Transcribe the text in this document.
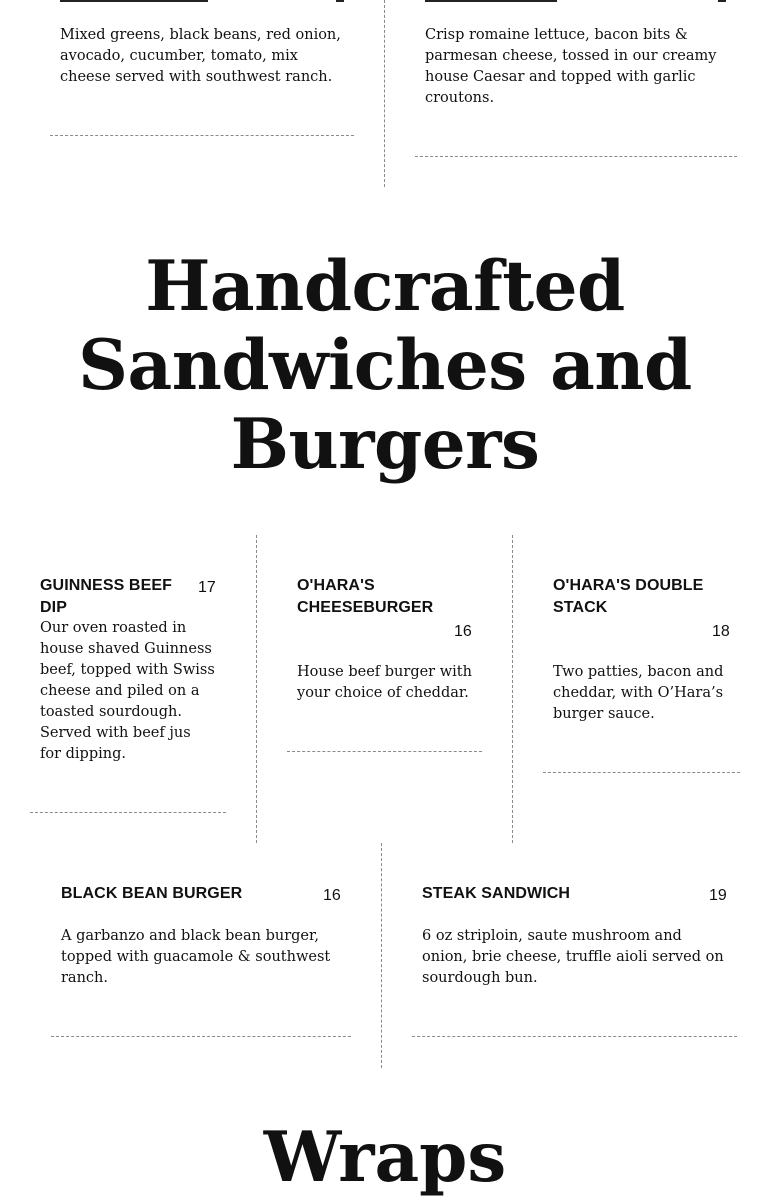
Mixed greens, black beans, red onion, avocado, cucumber, tomato, mix cheese served with southwest ranch.
Crisp romaine lettuce, bacon bits & parmesan cheese, tossed in our creamy house Caesar and topped with garlic croutons.
Handcrafted
Sandwiches and
Burgers
GUINNESS BEEF DIP
17
Our oven roasted in house shaved Guinness beef, topped with Swiss cheese and piled on a toasted sourdough. Served with beef jus for dipping.
O'HARA'S CHEESEBURGER
16
House beef burger with your choice of cheddar.
O'HARA'S DOUBLE STACK
18
Two patties, bacon and cheddar, with O’Hara’s burger sauce.
BLACK BEAN BURGER	16
A garbanzo and black bean burger, topped with guacamole & southwest ranch.
STEAK SANDWICH	19
6 oz striploin, saute mushroom and onion, brie cheese, truffle aioli served on sourdough bun.
Wraps
